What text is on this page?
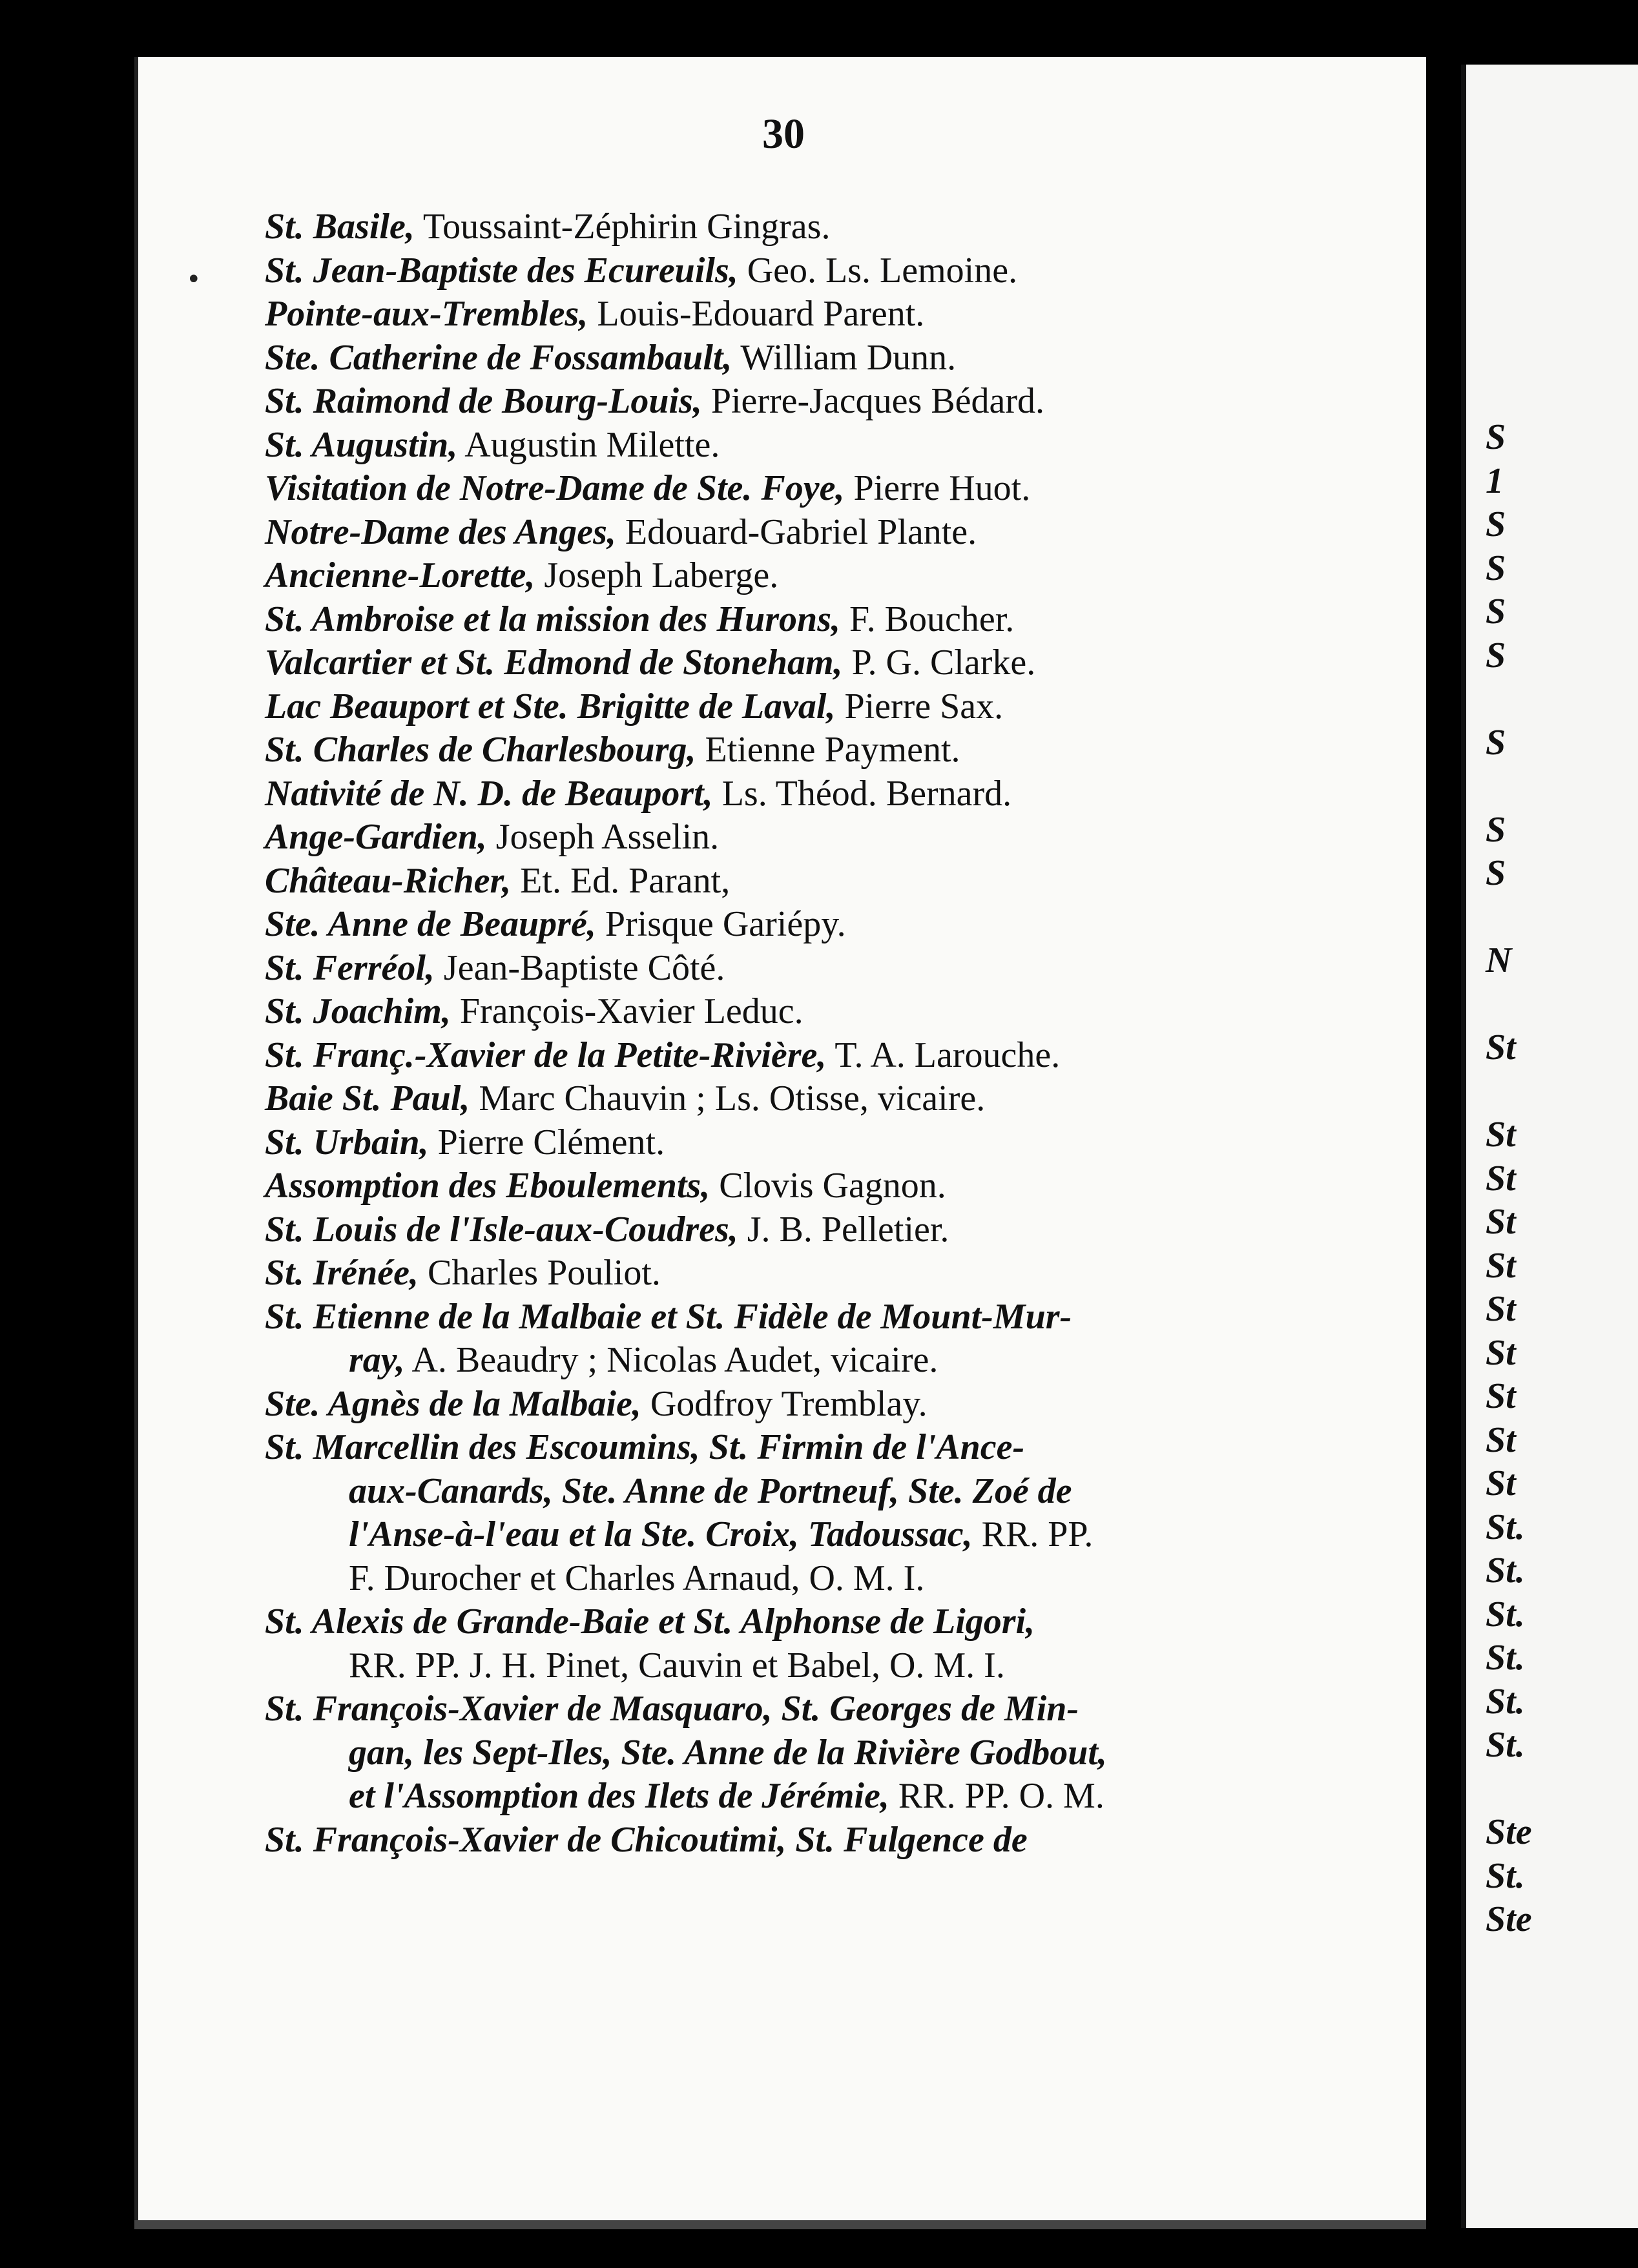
30
•
St. Basile, Toussaint-Zéphirin Gingras.
St. Jean-Baptiste des Ecureuils, Geo. Ls. Lemoine.
Pointe-aux-Trembles, Louis-Edouard Parent.
Ste. Catherine de Fossambault, William Dunn.
St. Raimond de Bourg-Louis, Pierre-Jacques Bédard.
St. Augustin, Augustin Milette.
Visitation de Notre-Dame de Ste. Foye, Pierre Huot.
Notre-Dame des Anges, Edouard-Gabriel Plante.
Ancienne-Lorette, Joseph Laberge.
St. Ambroise et la mission des Hurons, F. Boucher.
Valcartier et St. Edmond de Stoneham, P. G. Clarke.
Lac Beauport et Ste. Brigitte de Laval, Pierre Sax.
St. Charles de Charlesbourg, Etienne Payment.
Nativité de N. D. de Beauport, Ls. Théod. Bernard.
Ange-Gardien, Joseph Asselin.
Château-Richer, Et. Ed. Parant,
Ste. Anne de Beaupré, Prisque Gariépy.
St. Ferréol, Jean-Baptiste Côté.
St. Joachim, François-Xavier Leduc.
St. Franç.-Xavier de la Petite-Rivière, T. A. Larouche.
Baie St. Paul, Marc Chauvin ; Ls. Otisse, vicaire.
St. Urbain, Pierre Clément.
Assomption des Eboulements, Clovis Gagnon.
St. Louis de l'Isle-aux-Coudres, J. B. Pelletier.
St. Irénée, Charles Pouliot.
St. Etienne de la Malbaie et St. Fidèle de Mount-Mur-
ray, A. Beaudry ; Nicolas Audet, vicaire.
Ste. Agnès de la Malbaie, Godfroy Tremblay.
St. Marcellin des Escoumins, St. Firmin de l'Ance-
aux-Canards, Ste. Anne de Portneuf, Ste. Zoé de
l'Anse-à-l'eau et la Ste. Croix, Tadoussac, RR. PP.
F. Durocher et Charles Arnaud, O. M. I.
St. Alexis de Grande-Baie et St. Alphonse de Ligori,
RR. PP. J. H. Pinet, Cauvin et Babel, O. M. I.
St. François-Xavier de Masquaro, St. Georges de Min-
gan, les Sept-Iles, Ste. Anne de la Rivière Godbout,
et l'Assomption des Ilets de Jérémie, RR. PP. O. M.
St. François-Xavier de Chicoutimi, St. Fulgence de
S
1
S
S
S
S
S
S
S
N
St
St
St
St
St
St
St
St
St
St
St.
St.
St.
St.
St.
St.
Ste
St.
Ste
